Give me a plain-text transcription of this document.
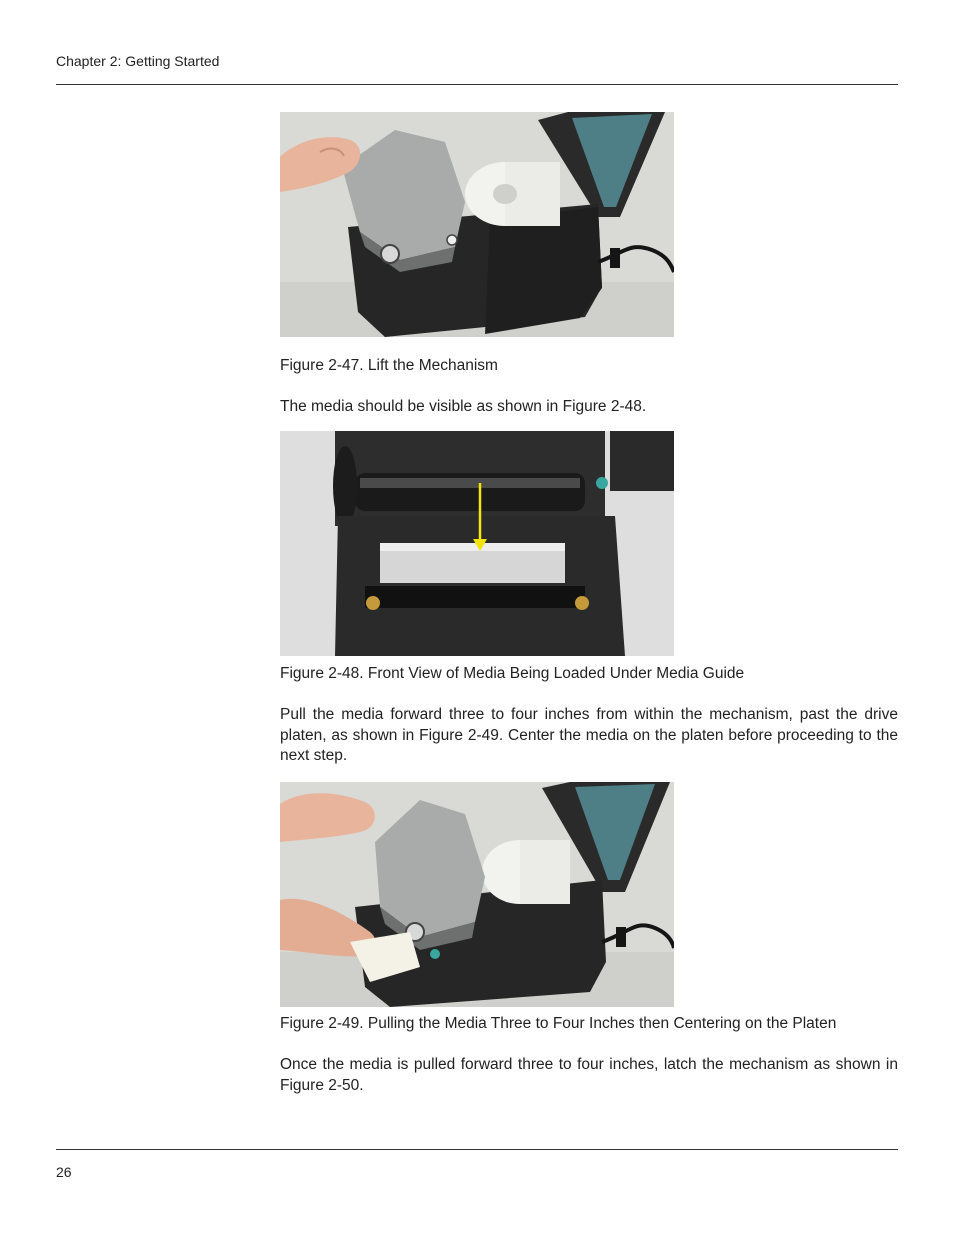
Chapter 2: Getting Started
Figure 2-47. Lift the Mechanism
The media should be visible as shown in Figure 2-48.
Figure 2-48. Front View of Media Being Loaded Under Media Guide
Pull the media forward three to four inches from within the mechanism, past the drive platen, as shown in Figure 2-49. Center the media on the platen before proceeding to the next step.
Figure 2-49. Pulling the Media Three to Four Inches then Centering on the Platen
Once the media is pulled forward three to four inches, latch the mechanism as shown in Figure 2-50.
26
